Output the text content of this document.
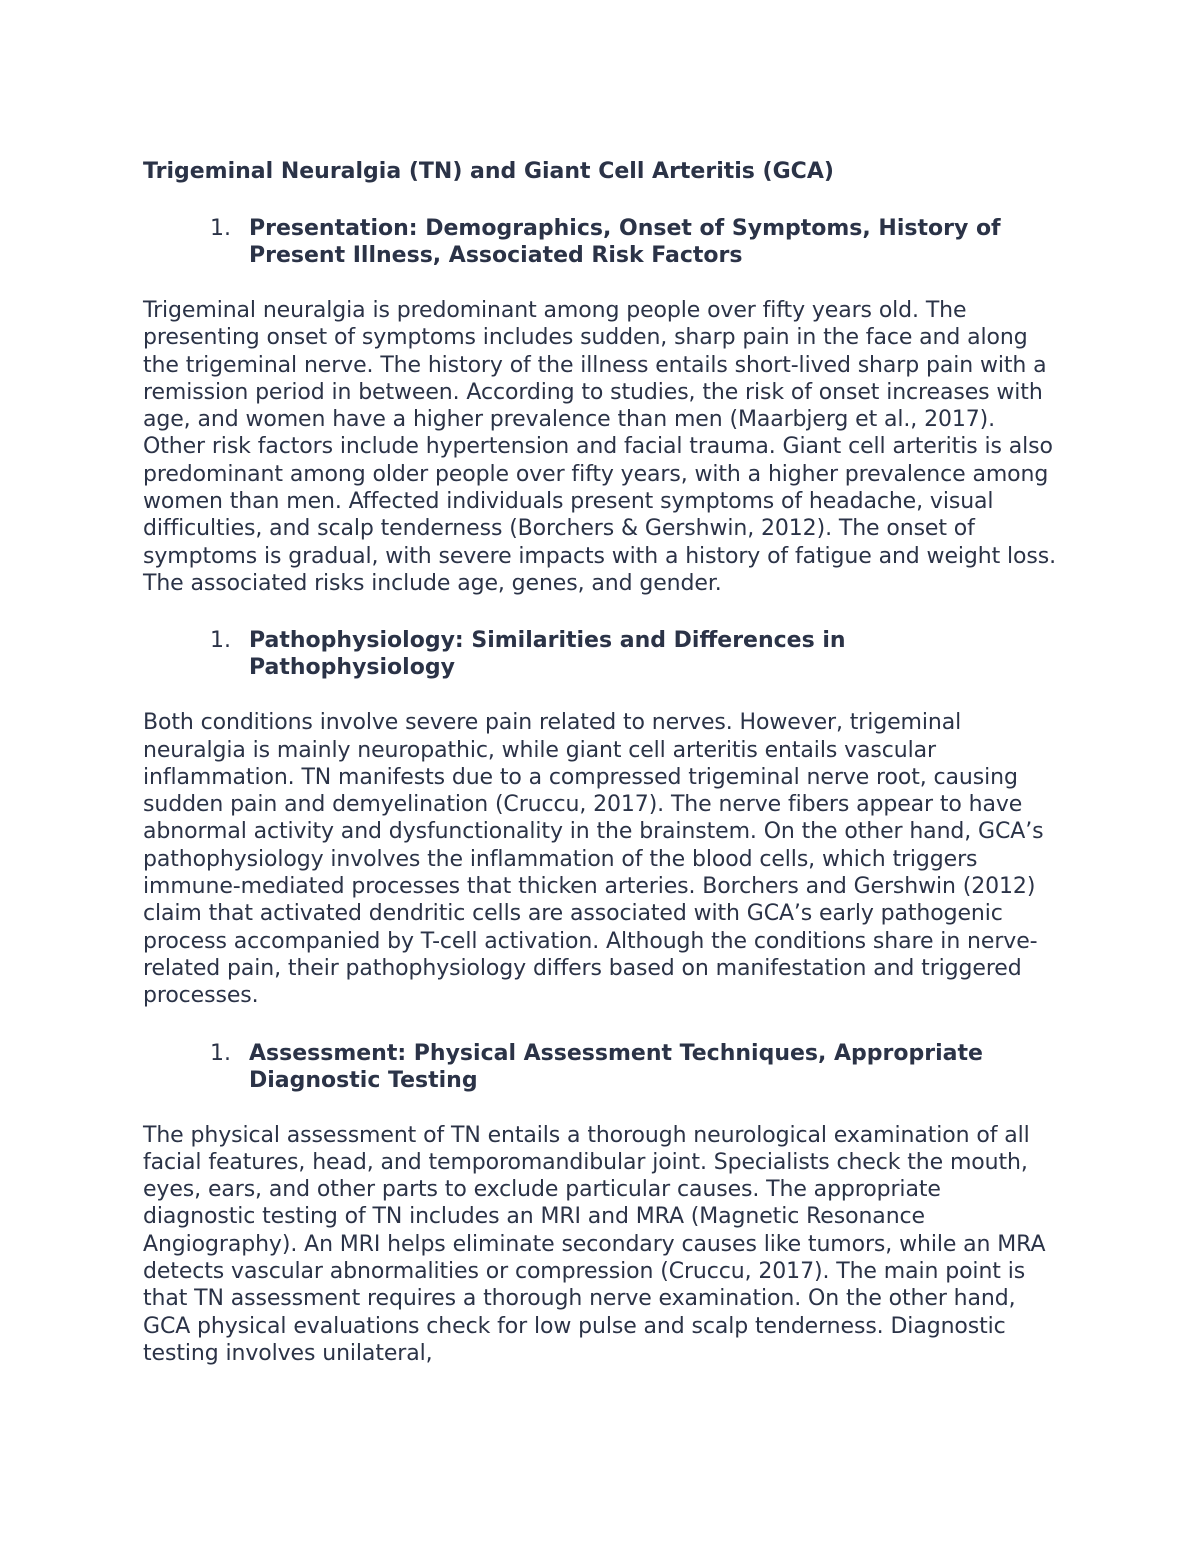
Trigeminal Neuralgia (TN) and Giant Cell Arteritis (GCA)
1. Presentation: Demographics, Onset of Symptoms, History of Present Illness, Associated Risk Factors

Trigeminal neuralgia is predominant among people over fifty years old. The presenting onset of symptoms includes sudden, sharp pain in the face and along the trigeminal nerve. The history of the illness entails short-lived sharp pain with a remission period in between. According to studies, the risk of onset increases with age, and women have a higher prevalence than men (Maarbjerg et al., 2017). Other risk factors include hypertension and facial trauma. Giant cell arteritis is also predominant among older people over fifty years, with a higher prevalence among women than men. Affected individuals present symptoms of headache, visual difficulties, and scalp tenderness (Borchers & Gershwin, 2012). The onset of symptoms is gradual, with severe impacts with a history of fatigue and weight loss. The associated risks include age, genes, and gender.

1. Pathophysiology: Similarities and Differences in Pathophysiology

Both conditions involve severe pain related to nerves. However, trigeminal neuralgia is mainly neuropathic, while giant cell arteritis entails vascular inflammation. TN manifests due to a compressed trigeminal nerve root, causing sudden pain and demyelination (Cruccu, 2017). The nerve fibers appear to have abnormal activity and dysfunctionality in the brainstem. On the other hand, GCA’s pathophysiology involves the inflammation of the blood cells, which triggers immune-mediated processes that thicken arteries. Borchers and Gershwin (2012) claim that activated dendritic cells are associated with GCA’s early pathogenic process accompanied by T-cell activation. Although the conditions share in nerve-related pain, their pathophysiology differs based on manifestation and triggered processes.

1. Assessment: Physical Assessment Techniques, Appropriate Diagnostic Testing

The physical assessment of TN entails a thorough neurological examination of all facial features, head, and temporomandibular joint. Specialists check the mouth, eyes, ears, and other parts to exclude particular causes. The appropriate diagnostic testing of TN includes an MRI and MRA (Magnetic Resonance Angiography). An MRI helps eliminate secondary causes like tumors, while an MRA detects vascular abnormalities or compression (Cruccu, 2017). The main point is that TN assessment requires a thorough nerve examination. On the other hand, GCA physical evaluations check for low pulse and scalp tenderness. Diagnostic testing involves unilateral,
